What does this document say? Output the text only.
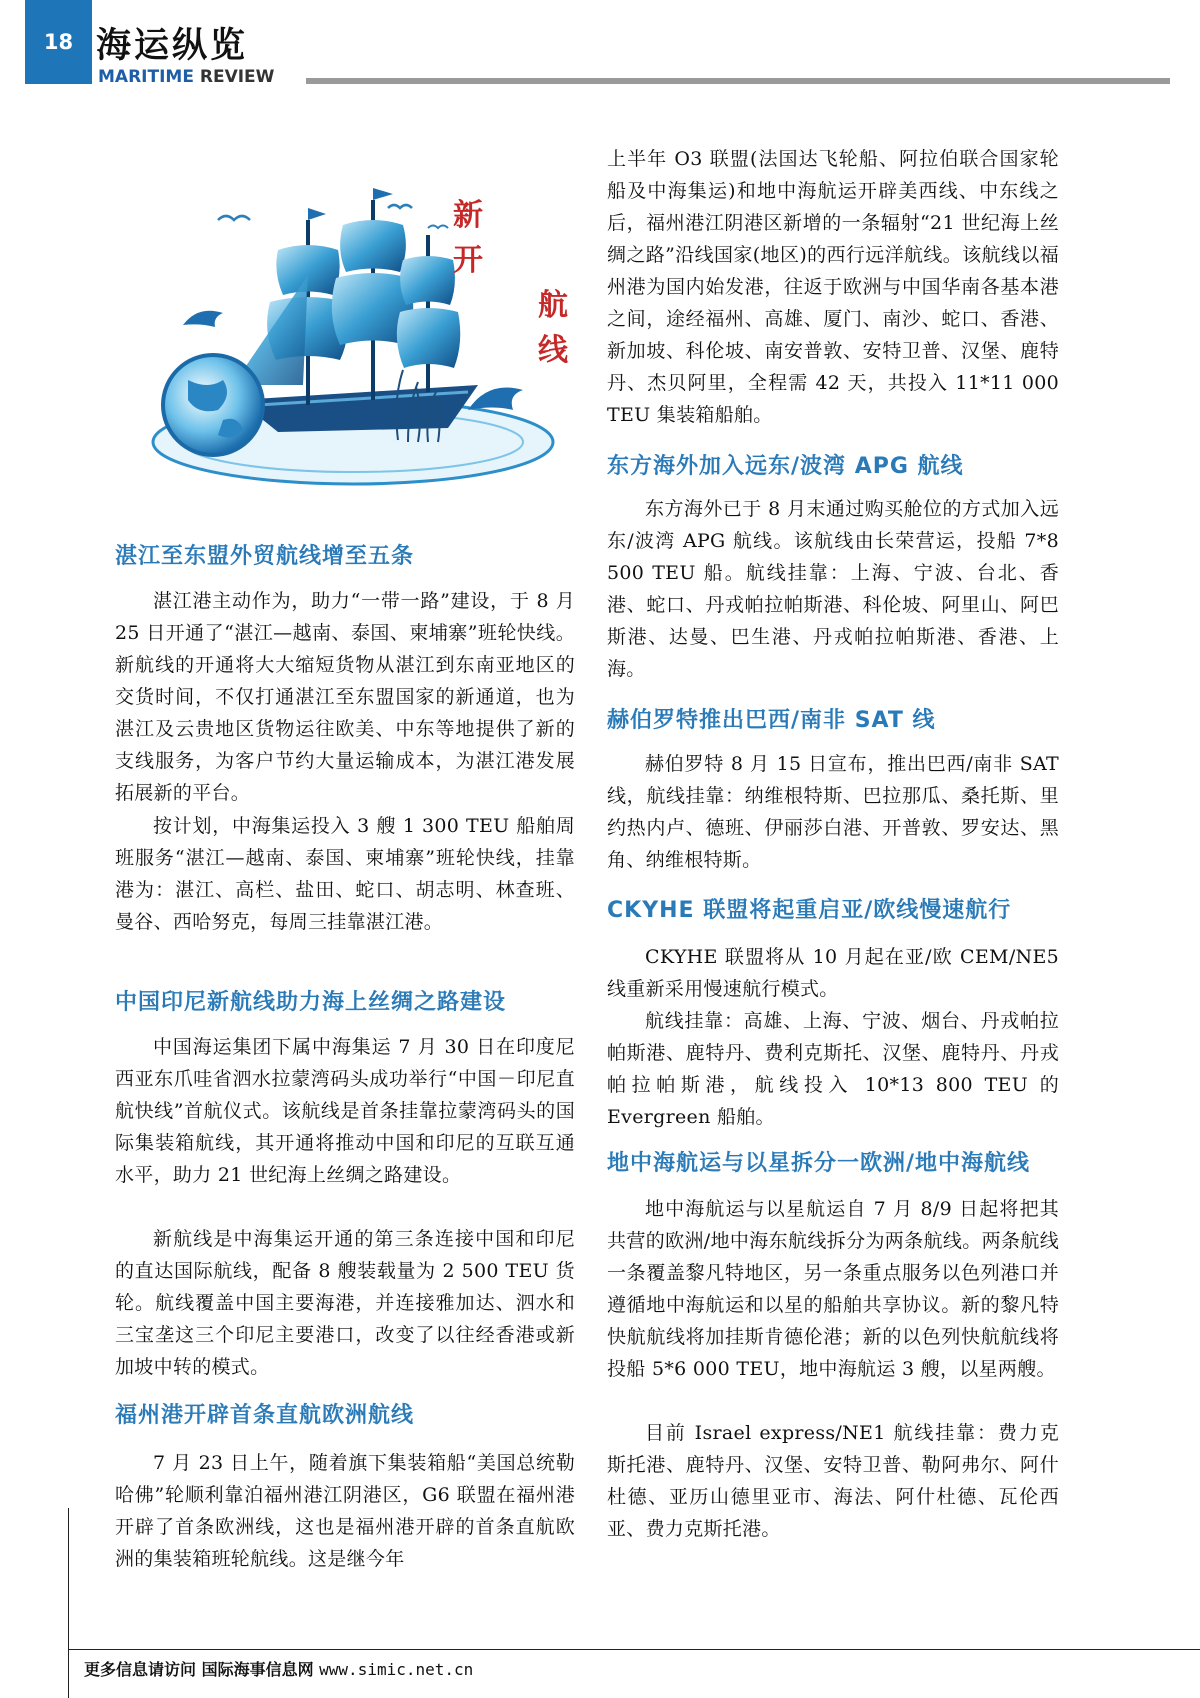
18 海运纵览
MARITIME REVIEW
新
开
航
线
湛江至东盟外贸航线增至五条

湛江港主动作为，助力“一带一路”建设，于 8 月 25 日开通了“湛江—越南、泰国、柬埔寨”班轮快线。新航线的开通将大大缩短货物从湛江到东南亚地区的交货时间，不仅打通湛江至东盟国家的新通道，也为湛江及云贵地区货物运往欧美、中东等地提供了新的支线服务，为客户节约大量运输成本，为湛江港发展拓展新的平台。

按计划，中海集运投入 3 艘 1 300 TEU 船舶周班服务“湛江—越南、泰国、柬埔寨”班轮快线，挂靠港为：湛江、高栏、盐田、蛇口、胡志明、林查班、曼谷、西哈努克，每周三挂靠湛江港。

中国印尼新航线助力海上丝绸之路建设

中国海运集团下属中海集运 7 月 30 日在印度尼西亚东爪哇省泗水拉蒙湾码头成功举行“中国－印尼直航快线”首航仪式。该航线是首条挂靠拉蒙湾码头的国际集装箱航线，其开通将推动中国和印尼的互联互通水平，助力 21 世纪海上丝绸之路建设。

新航线是中海集运开通的第三条连接中国和印尼的直达国际航线，配备 8 艘装载量为 2 500 TEU 货轮。航线覆盖中国主要海港，并连接雅加达、泗水和三宝垄这三个印尼主要港口，改变了以往经香港或新加坡中转的模式。

福州港开辟首条直航欧洲航线

7 月 23 日上午，随着旗下集装箱船“美国总统勒哈佛”轮顺利靠泊福州港江阴港区，G6 联盟在福州港开辟了首条欧洲线，这也是福州港开辟的首条直航欧洲的集装箱班轮航线。这是继今年

上半年 O3 联盟(法国达飞轮船、阿拉伯联合国家轮船及中海集运)和地中海航运开辟美西线、中东线之后，福州港江阴港区新增的一条辐射“21 世纪海上丝绸之路”沿线国家(地区)的西行远洋航线。该航线以福州港为国内始发港，往返于欧洲与中国华南各基本港之间，途经福州、高雄、厦门、南沙、蛇口、香港、新加坡、科伦坡、南安普敦、安特卫普、汉堡、鹿特丹、杰贝阿里，全程需 42 天，共投入 11*11 000 TEU 集装箱船舶。

东方海外加入远东/波湾 APG 航线

东方海外已于 8 月末通过购买舱位的方式加入远东/波湾 APG 航线。该航线由长荣营运，投船 7*8 500 TEU 船。航线挂靠：上海、宁波、台北、香港、蛇口、丹戎帕拉帕斯港、科伦坡、阿里山、阿巴斯港、达曼、巴生港、丹戎帕拉帕斯港、香港、上海。

赫伯罗特推出巴西/南非 SAT 线

赫伯罗特 8 月 15 日宣布，推出巴西/南非 SAT 线，航线挂靠：纳维根特斯、巴拉那瓜、桑托斯、里约热内卢、德班、伊丽莎白港、开普敦、罗安达、黑角、纳维根特斯。

CKYHE 联盟将起重启亚/欧线慢速航行

CKYHE 联盟将从 10 月起在亚/欧 CEM/NE5 线重新采用慢速航行模式。

航线挂靠：高雄、上海、宁波、烟台、丹戎帕拉帕斯港、鹿特丹、费利克斯托、汉堡、鹿特丹、丹戎帕拉帕斯港，航线投入 10*13 800 TEU 的 Evergreen 船舶。

地中海航运与以星拆分一欧洲/地中海航线

地中海航运与以星航运自 7 月 8/9 日起将把其共营的欧洲/地中海东航线拆分为两条航线。两条航线一条覆盖黎凡特地区，另一条重点服务以色列港口并遵循地中海航运和以星的船舶共享协议。新的黎凡特快航航线将加挂斯肯德伦港；新的以色列快航航线将投船 5*6 000 TEU，地中海航运 3 艘，以星两艘。

目前 Israel express/NE1 航线挂靠：费力克斯托港、鹿特丹、汉堡、安特卫普、勒阿弗尔、阿什杜德、亚历山德里亚市、海法、阿什杜德、瓦伦西亚、费力克斯托港。

更多信息请访问 国际海事信息网 www.simic.net.cn
